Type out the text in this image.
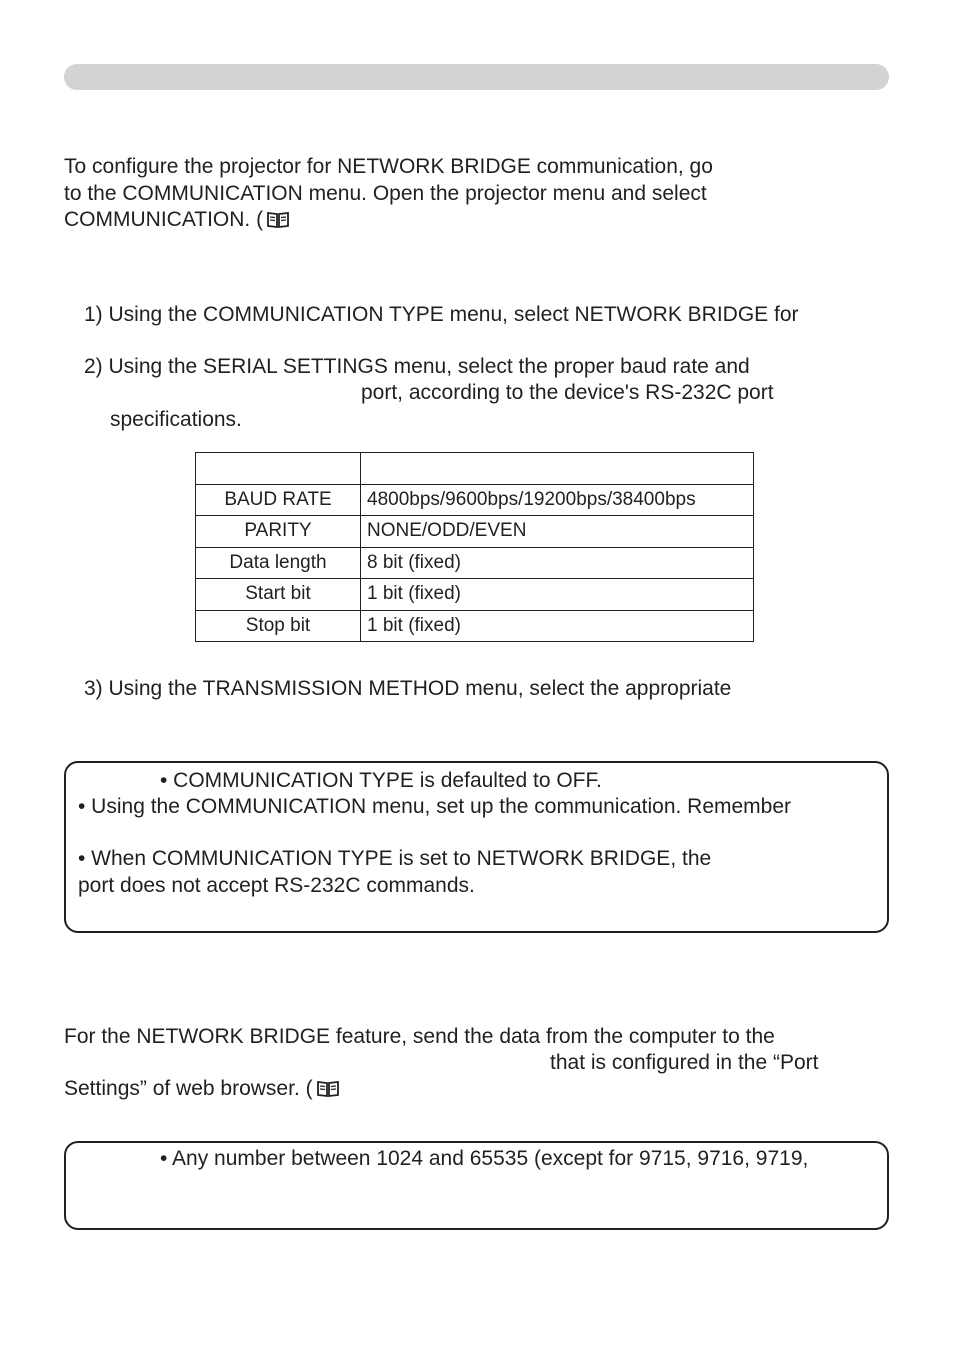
To configure the projector for NETWORK BRIDGE communication, go
to the COMMUNICATION menu. Open the projector menu and select
COMMUNICATION. (
1) Using the COMMUNICATION TYPE menu, select NETWORK BRIDGE for
2) Using the SERIAL SETTINGS menu, select the proper baud rate and
port, according to the device's RS-232C port
specifications.

BAUD RATE	4800bps/9600bps/19200bps/38400bps
PARITY	NONE/ODD/EVEN
Data length	8 bit (fixed)
Start bit	1 bit (fixed)
Stop bit	1 bit (fixed)
3) Using the TRANSMISSION METHOD menu, select the appropriate
• COMMUNICATION TYPE is defaulted to OFF.
• Using the COMMUNICATION menu, set up the communication. Remember
• When COMMUNICATION TYPE is set to NETWORK BRIDGE, the
port does not accept RS-232C commands.
For the NETWORK BRIDGE feature, send the data from the computer to the
that is configured in the “Port
Settings” of web browser. (
• Any number between 1024 and 65535 (except for 9715, 9716, 9719,
